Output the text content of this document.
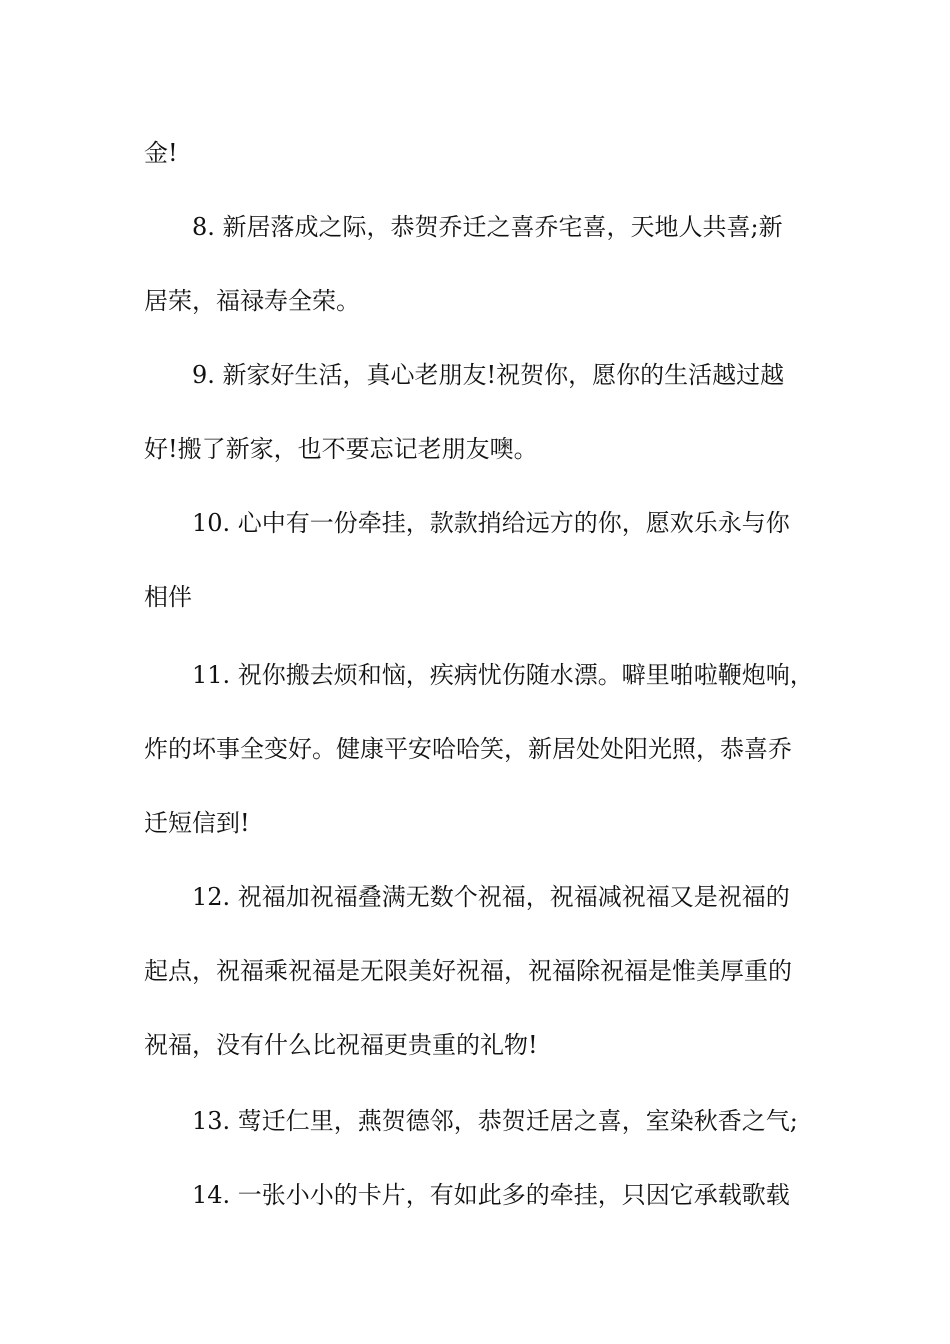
金!
8. 新居落成之际，恭贺乔迁之喜乔宅喜，天地人共喜;新
居荣，福禄寿全荣。
9. 新家好生活，真心老朋友!祝贺你，愿你的生活越过越
好!搬了新家，也不要忘记老朋友噢。
10. 心中有一份牵挂，款款捎给远方的你，愿欢乐永与你
相伴
11. 祝你搬去烦和恼，疾病忧伤随水漂。噼里啪啦鞭炮响，
炸的坏事全变好。健康平安哈哈笑，新居处处阳光照，恭喜乔
迁短信到!
12. 祝福加祝福叠满无数个祝福，祝福减祝福又是祝福的
起点，祝福乘祝福是无限美好祝福，祝福除祝福是惟美厚重的
祝福，没有什么比祝福更贵重的礼物!
13. 莺迁仁里，燕贺德邻，恭贺迁居之喜，室染秋香之气;
14. 一张小小的卡片，有如此多的牵挂，只因它承载歌载
